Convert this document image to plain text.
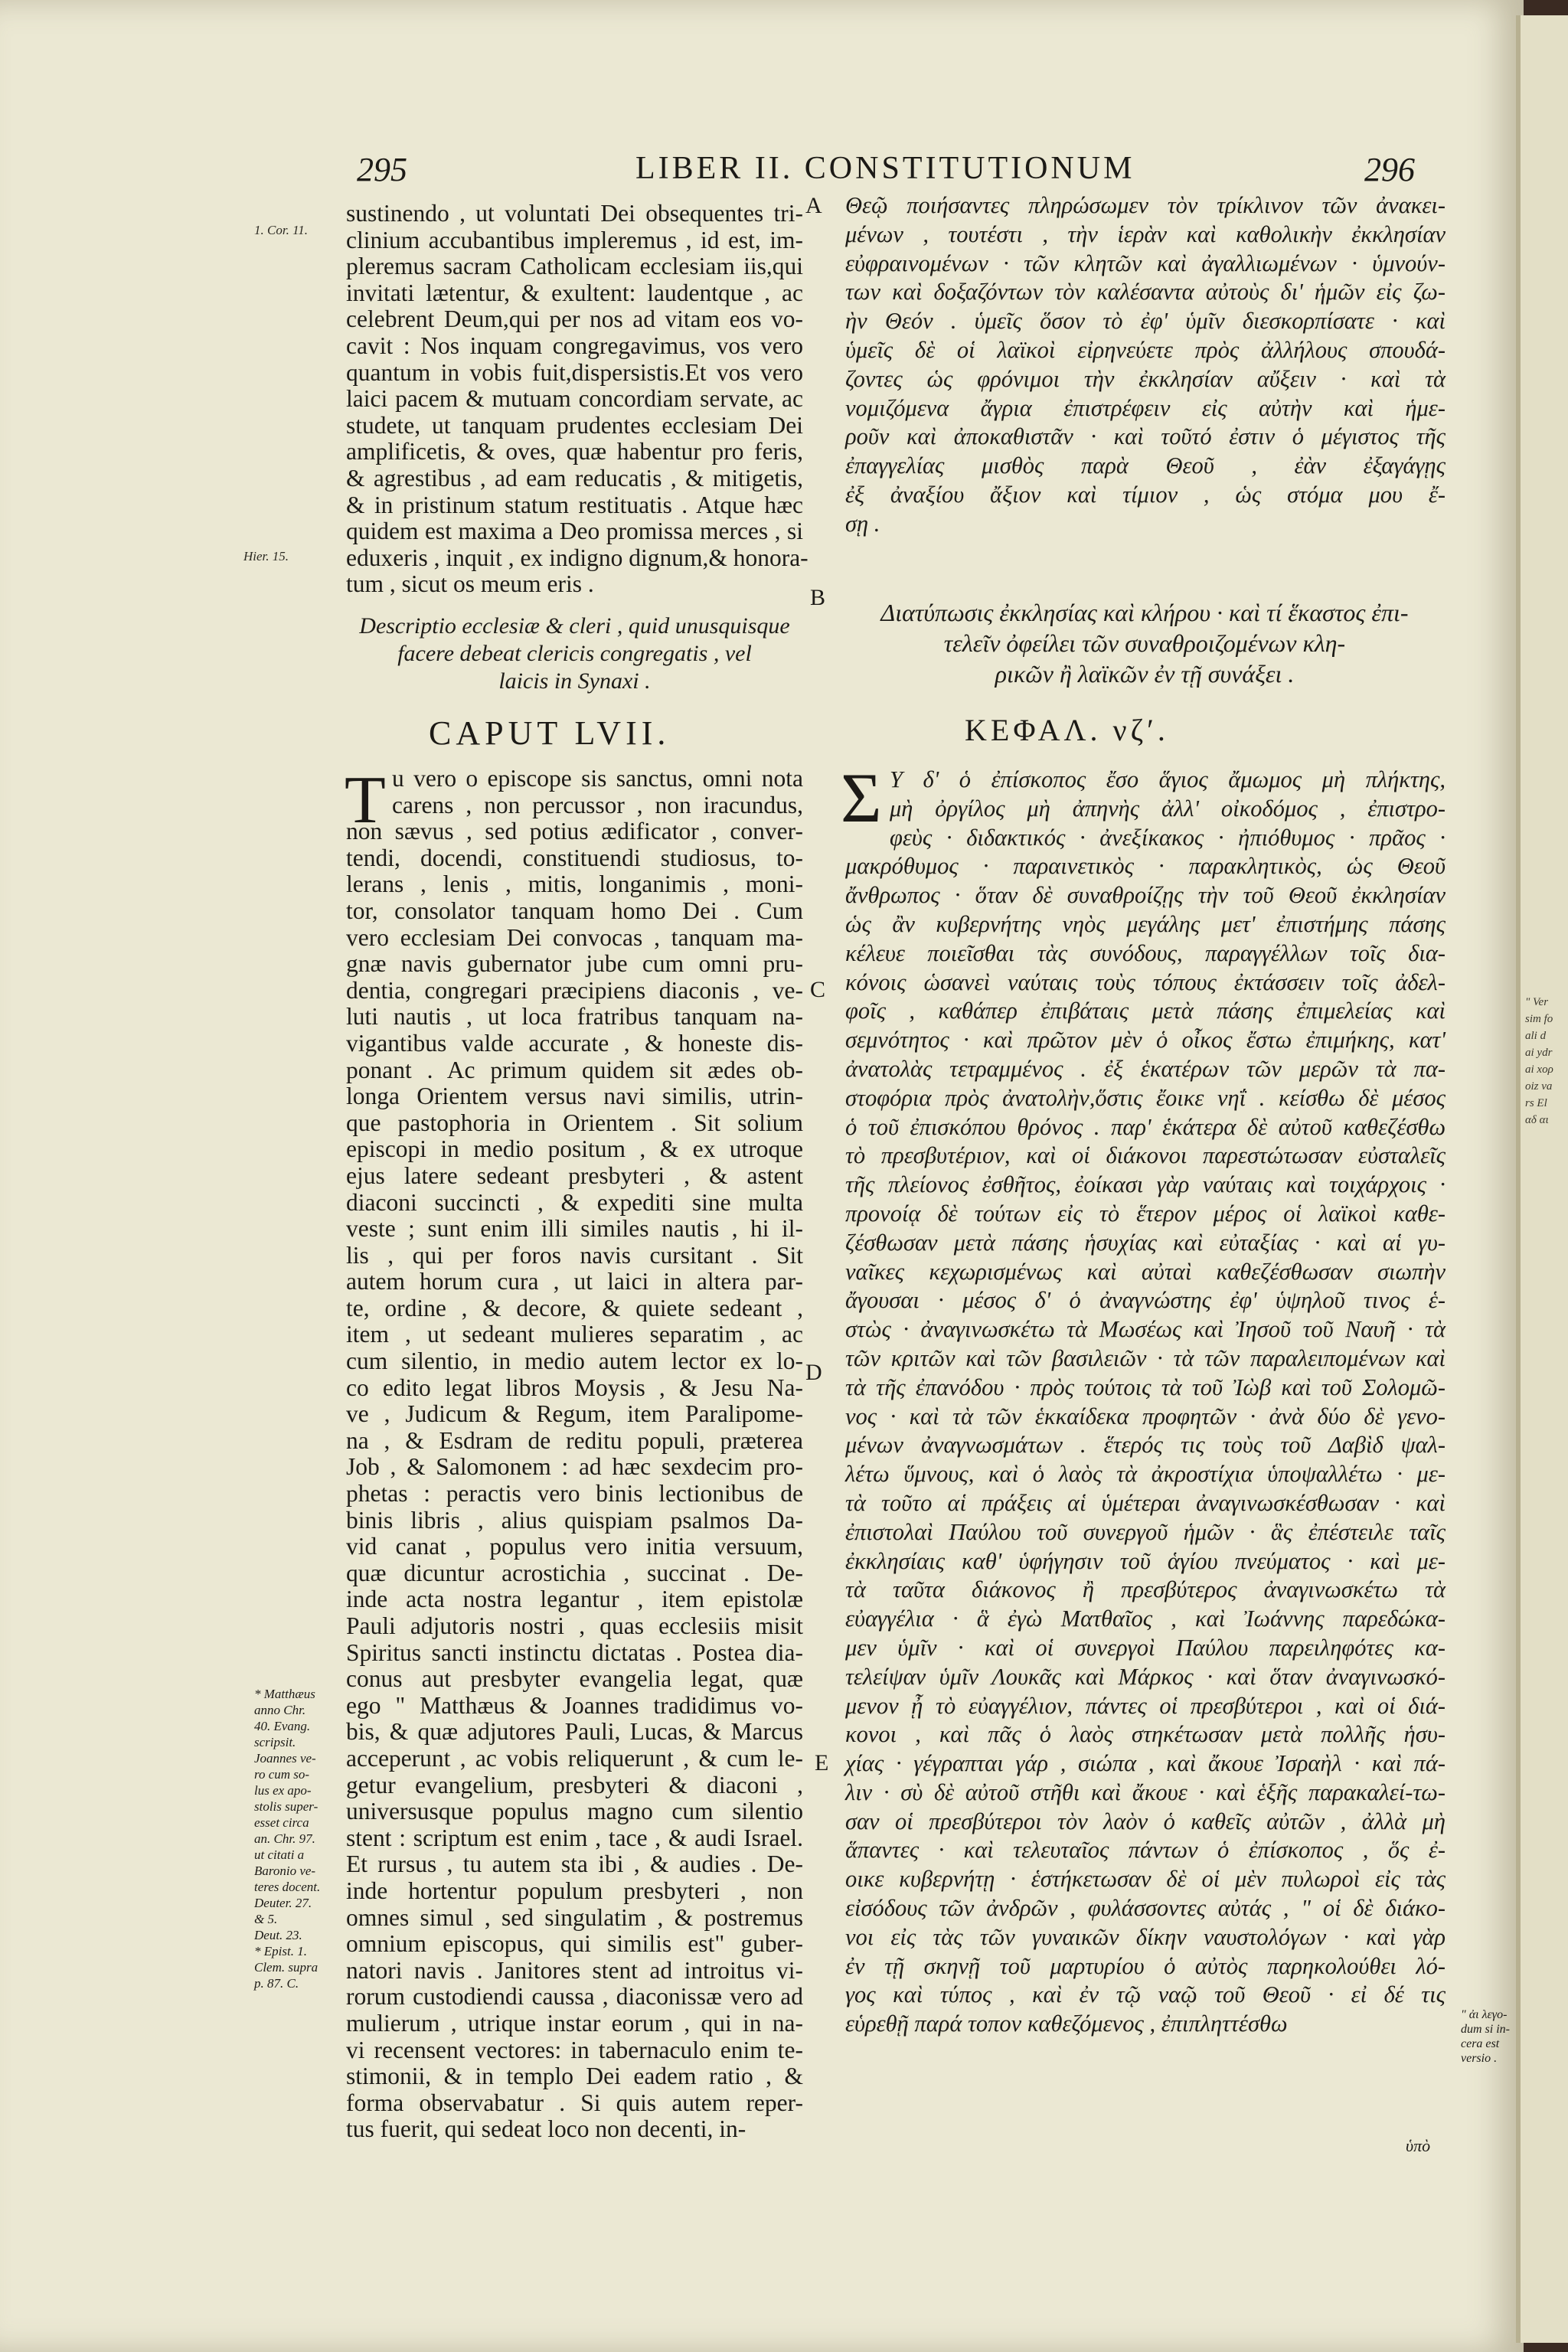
295	LIBER II. CONSTITUTIONUM	296
1. Cor. 11.
Hier. 15.
A
B
C
D
E
sustinendo , ut voluntati Dei obsequentes tri-
clinium accubantibus impleremus , id est, im-
pleremus sacram Catholicam ecclesiam iis,qui
invitati lætentur, & exultent: laudentque , ac
celebrent Deum,qui per nos ad vitam eos vo-
cavit : Nos inquam congregavimus, vos vero
quantum in vobis fuit,dispersistis.Et vos vero
laici pacem & mutuam concordiam servate, ac
studete, ut tanquam prudentes ecclesiam Dei
amplificetis, & oves, quæ habentur pro feris,
& agrestibus , ad eam reducatis , & mitigetis,
& in pristinum statum restituatis . Atque hæc
quidem est maxima a Deo promissa merces , si
eduxeris , inquit , ex indigno dignum,& honora-
tum , sicut os meum eris .
Descriptio ecclesiæ & cleri , quid unusquisque
facere debeat clericis congregatis , vel
laicis in Synaxi .
CAPUT LVII.
T u vero o episcope sis sanctus, omni nota
carens , non percussor , non iracundus,
non sævus , sed potius ædificator , conver-
tendi, docendi, constituendi studiosus, to-
lerans , lenis , mitis, longanimis , moni-
tor, consolator tanquam homo Dei . Cum
vero ecclesiam Dei convocas , tanquam ma-
gnæ navis gubernator jube cum omni pru-
dentia, congregari præcipiens diaconis , ve-
luti nautis , ut loca fratribus tanquam na-
vigantibus valde accurate , & honeste dis-
ponant . Ac primum quidem sit ædes ob-
longa Orientem versus navi similis, utrin-
que pastophoria in Orientem . Sit solium
episcopi in medio positum , & ex utroque
ejus latere sedeant presbyteri , & astent
diaconi succincti , & expediti sine multa
veste ; sunt enim illi similes nautis , hi il-
lis , qui per foros navis cursitant . Sit
autem horum cura , ut laici in altera par-
te, ordine , & decore, & quiete sedeant ,
item , ut sedeant mulieres separatim , ac
cum silentio, in medio autem lector ex lo-
co edito legat libros Moysis , & Jesu Na-
ve , Judicum & Regum, item Paralipome-
na , & Esdram de reditu populi, præterea
Job , & Salomonem : ad hæc sexdecim pro-
phetas : peractis vero binis lectionibus de
binis libris , alius quispiam psalmos Da-
vid canat , populus vero initia versuum,
quæ dicuntur acrostichia , succinat . De-
inde acta nostra legantur , item epistolæ
Pauli adjutoris nostri , quas ecclesiis misit
Spiritus sancti instinctu dictatas . Postea dia-
conus aut presbyter evangelia legat, quæ
ego " Matthæus & Joannes tradidimus vo-
bis, & quæ adjutores Pauli, Lucas, & Marcus
acceperunt , ac vobis reliquerunt , & cum le-
getur evangelium, presbyteri & diaconi ,
universusque populus magno cum silentio
stent : scriptum est enim , tace , & audi Israel.
Et rursus , tu autem sta ibi , & audies . De-
inde hortentur populum presbyteri , non
omnes simul , sed singulatim , & postremus
omnium episcopus, qui similis est" guber-
natori navis . Janitores stent ad introitus vi-
rorum custodiendi caussa , diaconissæ vero ad
mulierum , utrique instar eorum , qui in na-
vi recensent vectores: in tabernaculo enim te-
stimonii, & in templo Dei eadem ratio , &
forma observabatur . Si quis autem reper-
tus fuerit, qui sedeat loco non decenti, in-
* Matthæus
anno Chr.
40. Evang.
scripsit.
Joannes ve-
ro cum so-
lus ex apo-
stolis super-
esset circa
an. Chr. 97.
ut citati a
Baronio ve-
teres docent.
Deuter. 27.
& 5.
Deut. 23.
* Epist. 1.
Clem. supra
p. 87. C.
Θεῷ ποιήσαντες πληρώσωμεν τὸν τρίκλινον τῶν ἀνακει-
μένων , τουτέστι , τὴν ἱερὰν καὶ καθολικὴν ἐκκλησίαν
εὐφραινομένων · τῶν κλητῶν καὶ ἀγαλλιωμένων · ὑμνούν-
των καὶ δοξαζόντων τὸν καλέσαντα αὐτοὺς δι' ἡμῶν εἰς ζω-
ὴν Θεόν . ὑμεῖς ὅσον τὸ ἐφ' ὑμῖν διεσκορπίσατε · καὶ
ὑμεῖς δὲ οἱ λαϊκοὶ εἰρηνεύετε πρὸς ἀλλήλους σπουδά-
ζοντες ὡς φρόνιμοι τὴν ἐκκλησίαν αὔξειν · καὶ τὰ
νομιζόμενα ἄγρια ἐπιστρέφειν εἰς αὐτὴν καὶ ἡμε-
ροῦν καὶ ἀποκαθιστᾶν · καὶ τοῦτό ἐστιν ὁ μέγιστος τῆς
ἐπαγγελίας μισθὸς παρὰ Θεοῦ , ἐὰν ἐξαγάγῃς
ἐξ ἀναξίου ἄξιον καὶ τίμιον , ὡς στόμα μου ἔ-
σῃ .
Διατύπωσις ἐκκλησίας καὶ κλήρου · καὶ τί ἕκαστος ἐπι-
τελεῖν ὀφείλει τῶν συναθροιζομένων κλη-
ρικῶν ἢ λαϊκῶν ἐν τῇ συνάξει .
ΚΕΦΑΛ. νζʹ.
Σ Υ δ' ὁ ἐπίσκοπος ἔσο ἅγιος ἄμωμος μὴ πλήκτης,
μὴ ὀργίλος μὴ ἀπηνὴς ἀλλ' οἰκοδόμος , ἐπιστρο-
φεὺς · διδακτικός · ἀνεξίκακος · ἠπιόθυμος · πρᾶος ·
μακρόθυμος · παραινετικὸς · παρακλητικὸς, ὡς Θεοῦ
ἄνθρωπος · ὅταν δὲ συναθροίζῃς τὴν τοῦ Θεοῦ ἐκκλησίαν
ὡς ἂν κυβερνήτης νηὸς μεγάλης μετ' ἐπιστήμης πάσης
κέλευε ποιεῖσθαι τὰς συνόδους, παραγγέλλων τοῖς δια-
κόνοις ὡσανεὶ ναύταις τοὺς τόπους ἐκτάσσειν τοῖς ἀδελ-
φοῖς , καθάπερ ἐπιβάταις μετὰ πάσης ἐπιμελείας καὶ
σεμνότητος · καὶ πρῶτον μὲν ὁ οἶκος ἔστω ἐπιμήκης, κατ'
ἀνατολὰς τετραμμένος . ἐξ ἑκατέρων τῶν μερῶν τὰ πα-
στοφόρια πρὸς ἀνατολὴν,ὅστις ἔοικε νηΐ . κείσθω δὲ μέσος
ὁ τοῦ ἐπισκόπου θρόνος . παρ' ἑκάτερα δὲ αὐτοῦ καθεζέσθω
τὸ πρεσβυτέριον, καὶ οἱ διάκονοι παρεστώτωσαν εὐσταλεῖς
τῆς πλείονος ἐσθῆτος, ἐοίκασι γὰρ ναύταις καὶ τοιχάρχοις ·
προνοίᾳ δὲ τούτων εἰς τὸ ἕτερον μέρος οἱ λαϊκοὶ καθε-
ζέσθωσαν μετὰ πάσης ἡσυχίας καὶ εὐταξίας · καὶ αἱ γυ-
ναῖκες κεχωρισμένως καὶ αὐταὶ καθεζέσθωσαν σιωπὴν
ἄγουσαι · μέσος δ' ὁ ἀναγνώστης ἐφ' ὑψηλοῦ τινος ἑ-
στὼς · ἀναγινωσκέτω τὰ Μωσέως καὶ Ἰησοῦ τοῦ Ναυῆ · τὰ
τῶν κριτῶν καὶ τῶν βασιλειῶν · τὰ τῶν παραλειπομένων καὶ
τὰ τῆς ἐπανόδου · πρὸς τούτοις τὰ τοῦ Ἰὼβ καὶ τοῦ Σολομῶ-
νος · καὶ τὰ τῶν ἑκκαίδεκα προφητῶν · ἀνὰ δύο δὲ γενο-
μένων ἀναγνωσμάτων . ἕτερός τις τοὺς τοῦ Δαβὶδ ψαλ-
λέτω ὕμνους, καὶ ὁ λαὸς τὰ ἀκροστίχια ὑποψαλλέτω · με-
τὰ τοῦτο αἱ πράξεις αἱ ὑμέτεραι ἀναγινωσκέσθωσαν · καὶ
ἐπιστολαὶ Παύλου τοῦ συνεργοῦ ἡμῶν · ἃς ἐπέστειλε ταῖς
ἐκκλησίαις καθ' ὑφήγησιν τοῦ ἁγίου πνεύματος · καὶ με-
τὰ ταῦτα διάκονος ἢ πρεσβύτερος ἀναγινωσκέτω τὰ
εὐαγγέλια · ἃ ἐγὼ Ματθαῖος , καὶ Ἰωάννης παρεδώκα-
μεν ὑμῖν · καὶ οἱ συνεργοὶ Παύλου παρειληφότες κα-
τελείψαν ὑμῖν Λουκᾶς καὶ Μάρκος · καὶ ὅταν ἀναγινωσκό-
μενον ᾖ τὸ εὐαγγέλιον, πάντες οἱ πρεσβύτεροι , καὶ οἱ διά-
κονοι , καὶ πᾶς ὁ λαὸς στηκέτωσαν μετὰ πολλῆς ἡσυ-
χίας · γέγραπται γάρ , σιώπα , καὶ ἄκουε Ἰσραὴλ · καὶ πά-
λιν · σὺ δὲ αὐτοῦ στῆθι καὶ ἄκουε · καὶ ἑξῆς παρακαλεί-τω-
σαν οἱ πρεσβύτεροι τὸν λαὸν ὁ καθεῖς αὐτῶν , ἀλλὰ μὴ
ἅπαντες · καὶ τελευταῖος πάντων ὁ ἐπίσκοπος , ὅς ἐ-
οικε κυβερνήτῃ · ἑστήκετωσαν δὲ οἱ μὲν πυλωροὶ εἰς τὰς
εἰσόδους τῶν ἀνδρῶν , φυλάσσοντες αὐτάς , " οἱ δὲ διάκο-
νοι εἰς τὰς τῶν γυναικῶν δίκην ναυστολόγων · καὶ γὰρ
ἐν τῇ σκηνῇ τοῦ μαρτυρίου ὁ αὐτὸς παρηκολούθει λό-
γος καὶ τύπος , καὶ ἐν τῷ ναῷ τοῦ Θεοῦ · εἰ δέ τις
εὑρεθῇ παρά τοπον καθεζόμενος , ἐπιπληττέσθω	" ἀι λεγο-
dum si in-
cera est
versio .
ὑπὸ
" Ver
sim fo
ali d
ai ydr
ai xορ
oiz va
rs El
αδ αι
